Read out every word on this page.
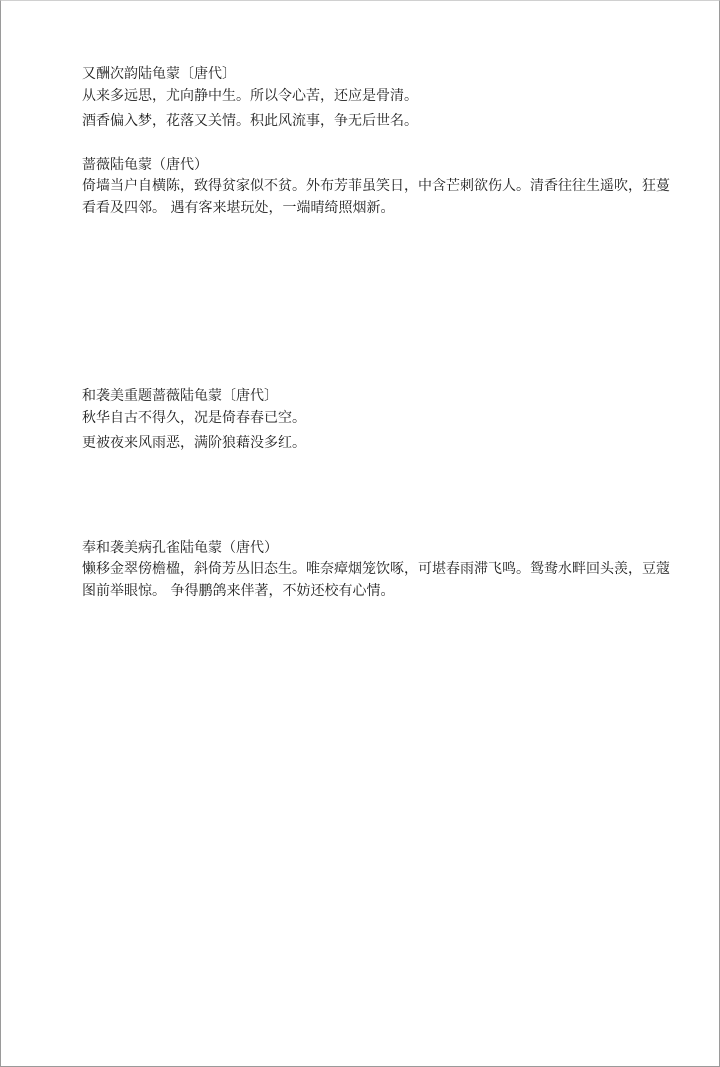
又酬次韵陆龟蒙〔唐代〕

从来多远思，尤向静中生。所以令心苦，还应是骨清。

酒香偏入梦，花落又关情。积此风流事，争无后世名。

蔷薇陆龟蒙（唐代）

倚墙当户自横陈，致得贫家似不贫。外布芳菲虽笑日，中含芒刺欲伤人。清香往往生遥吹，狂蔓看看及四邻。 遇有客来堪玩处，一端晴绮照烟新。

和袭美重题蔷薇陆龟蒙〔唐代〕

秋华自古不得久，况是倚春春已空。

更被夜来风雨恶，满阶狼藉没多红。

奉和袭美病孔雀陆龟蒙（唐代）

懒移金翠傍檐楹，斜倚芳丛旧态生。唯奈瘴烟笼饮啄，可堪春雨滞飞鸣。鸳鸯水畔回头羡，豆蔻图前举眼惊。 争得鹏鸽来伴著，不妨还校有心情。
